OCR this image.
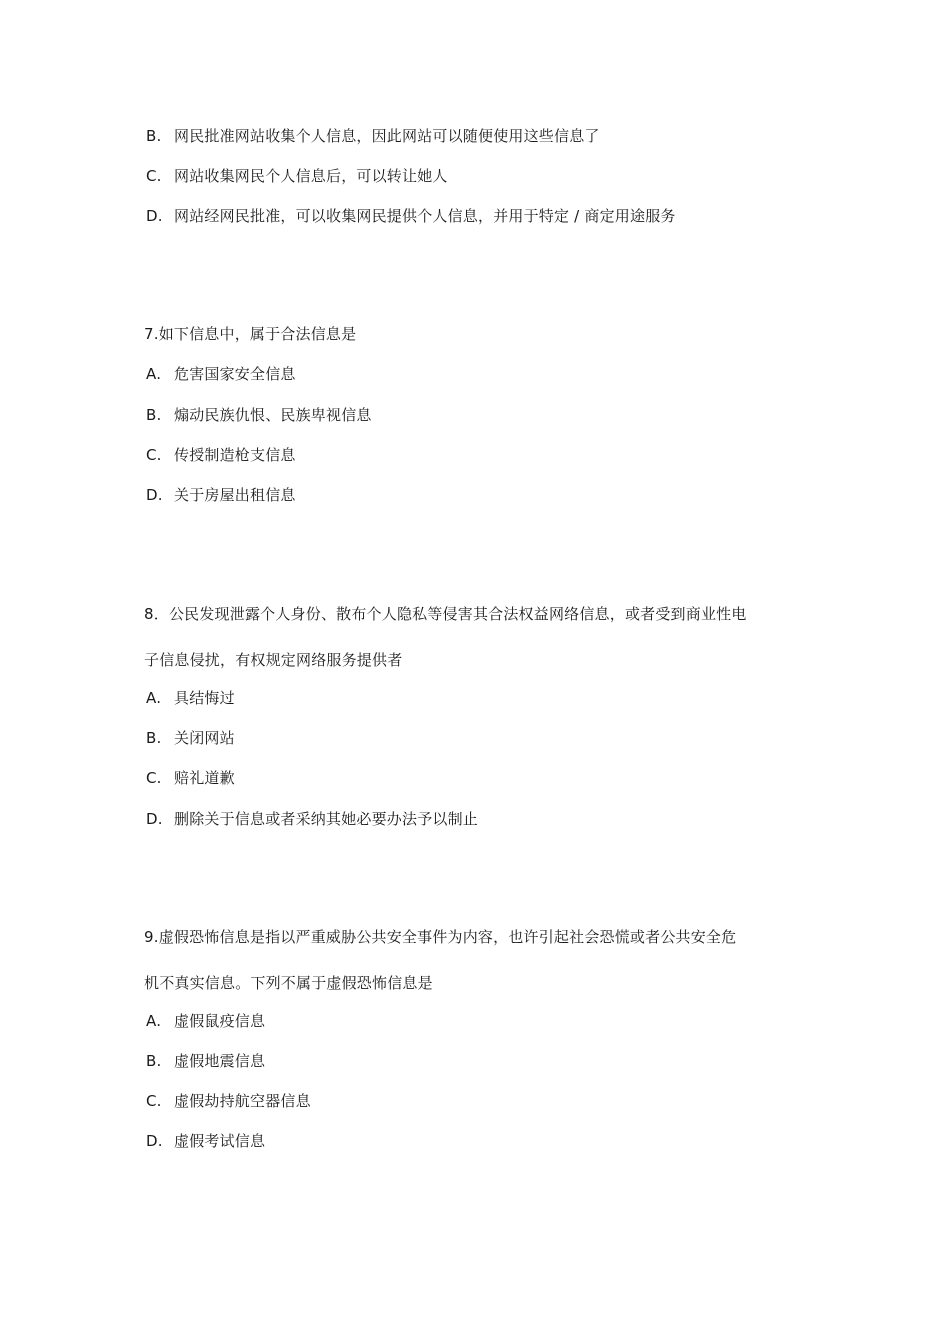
B. 网民批准网站收集个人信息，因此网站可以随便使用这些信息了
C. 网站收集网民个人信息后，可以转让她人
D. 网站经网民批准，可以收集网民提供个人信息，并用于特定 / 商定用途服务
7.如下信息中，属于合法信息是
A. 危害国家安全信息
B. 煽动民族仇恨、民族卑视信息
C. 传授制造枪支信息
D. 关于房屋出租信息
8．公民发现泄露个人身份、散布个人隐私等侵害其合法权益网络信息，或者受到商业性电
子信息侵扰，有权规定网络服务提供者
A. 具结悔过
B. 关闭网站
C. 赔礼道歉
D. 删除关于信息或者采纳其她必要办法予以制止
9.虚假恐怖信息是指以严重威胁公共安全事件为内容，也许引起社会恐慌或者公共安全危
机不真实信息。下列不属于虚假恐怖信息是
A. 虚假鼠疫信息
B. 虚假地震信息
C. 虚假劫持航空器信息
D. 虚假考试信息
